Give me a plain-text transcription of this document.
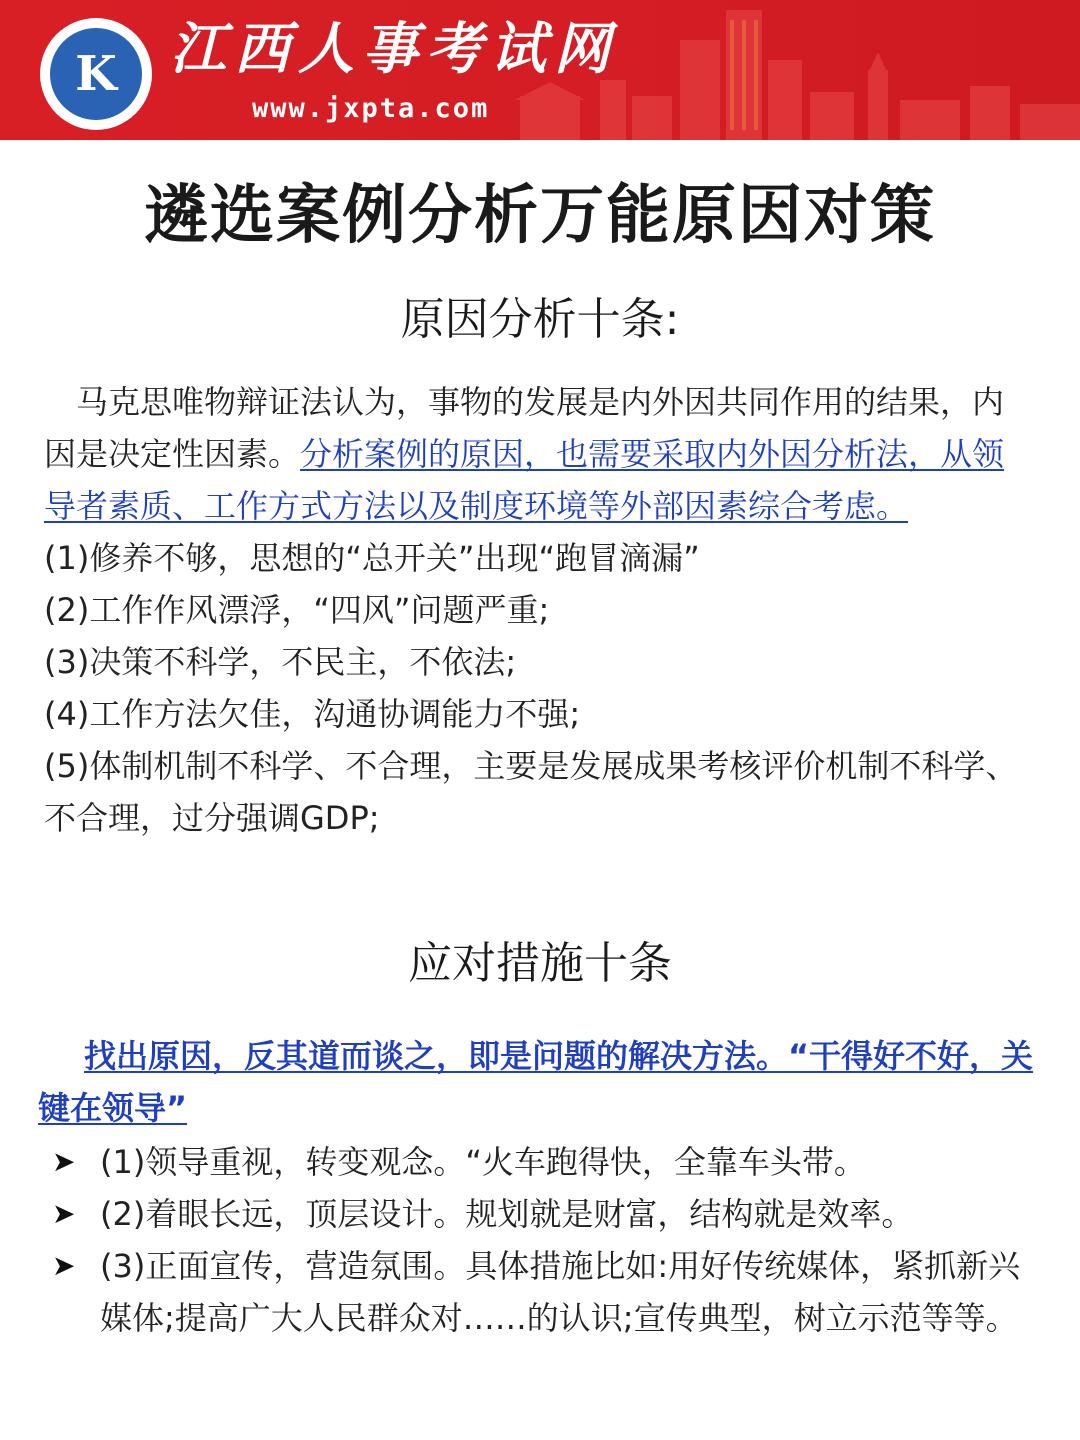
K 江西人事考试网
www.jxpta.com
遴选案例分析万能原因对策
原因分析十条:
马克思唯物辩证法认为，事物的发展是内外因共同作用的结果，内因是决定性因素。分析案例的原因，也需要采取内外因分析法，从领导者素质、工作方式方法以及制度环境等外部因素综合考虑。
(1)修养不够，思想的“总开关”出现“跑冒滴漏”
(2)工作作风漂浮，“四风”问题严重;
(3)决策不科学，不民主，不依法;
(4)工作方法欠佳，沟通协调能力不强;
(5)体制机制不科学、不合理，主要是发展成果考核评价机制不科学、不合理，过分强调GDP;
应对措施十条
找出原因，反其道而谈之，即是问题的解决方法。“干得好不好，关键在领导”
➤ (1)领导重视，转变观念。“火车跑得快，全靠车头带。
➤ (2)着眼长远，顶层设计。规划就是财富，结构就是效率。
➤ (3)正面宣传，营造氛围。具体措施比如:用好传统媒体，紧抓新兴媒体;提高广大人民群众对……的认识;宣传典型，树立示范等等。
